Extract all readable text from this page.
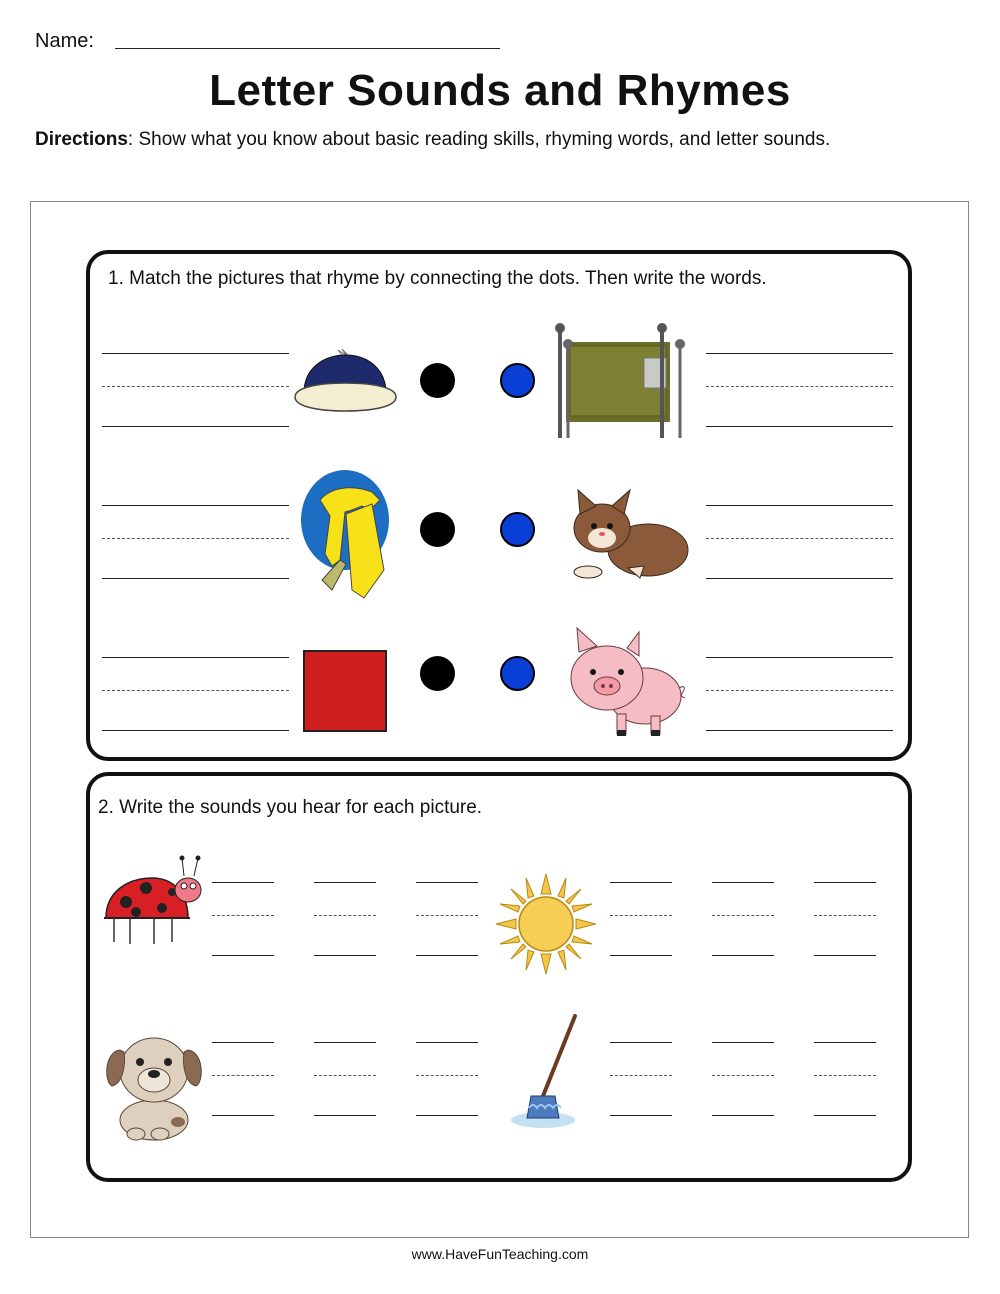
Name:
Letter Sounds and Rhymes
Directions: Show what you know about basic reading skills, rhyming words, and letter sounds.
1. Match the pictures that rhyme by connecting the dots. Then write the words.
2. Write the sounds you hear for each picture.
www.HaveFunTeaching.com
